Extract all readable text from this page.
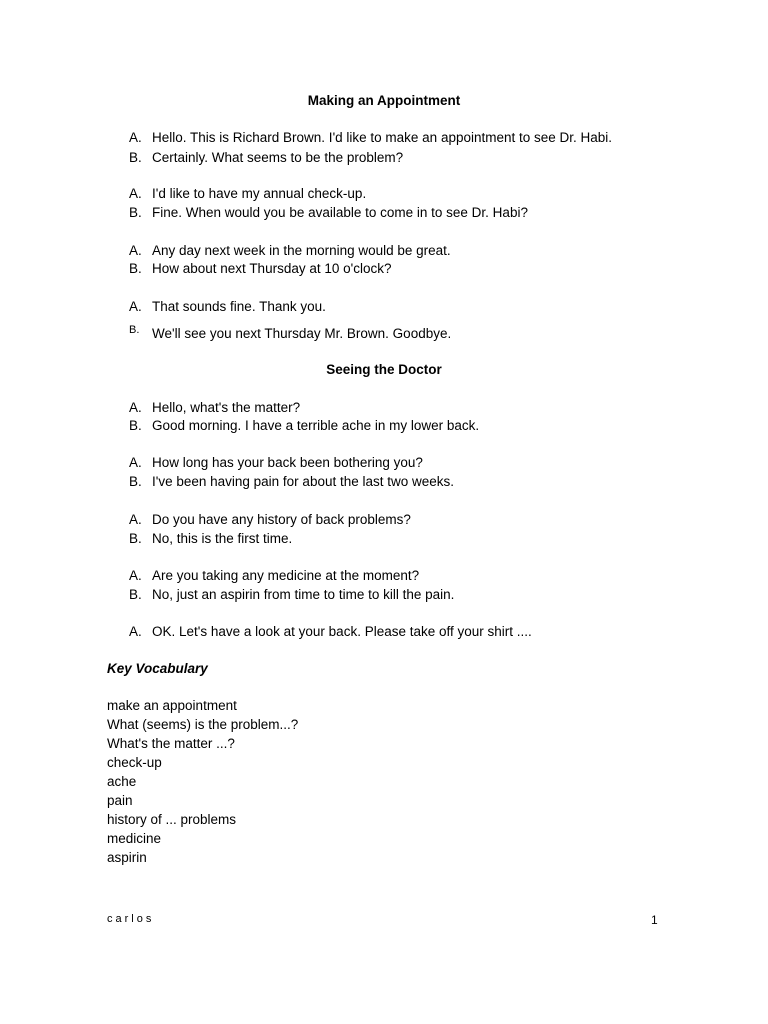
Making an Appointment
A. Hello. This is Richard Brown. I'd like to make an appointment to see Dr. Habi.
B. Certainly. What seems to be the problem?
A. I'd like to have my annual check-up.
B. Fine. When would you be available to come in to see Dr. Habi?
A. Any day next week in the morning would be great.
B. How about next Thursday at 10 o'clock?
A. That sounds fine. Thank you.
B. We'll see you next Thursday Mr. Brown. Goodbye.
Seeing the Doctor
A. Hello, what's the matter?
B. Good morning. I have a terrible ache in my lower back.
A. How long has your back been bothering you?
B. I've been having pain for about the last two weeks.
A. Do you have any history of back problems?
B. No, this is the first time.
A. Are you taking any medicine at the moment?
B. No, just an aspirin from time to time to kill the pain.
A. OK. Let's have a look at your back. Please take off your shirt ....
Key Vocabulary
make an appointment
What (seems) is the problem...?
What's the matter ...?
check-up
ache
pain
history of ... problems
medicine
aspirin
carlos	1
